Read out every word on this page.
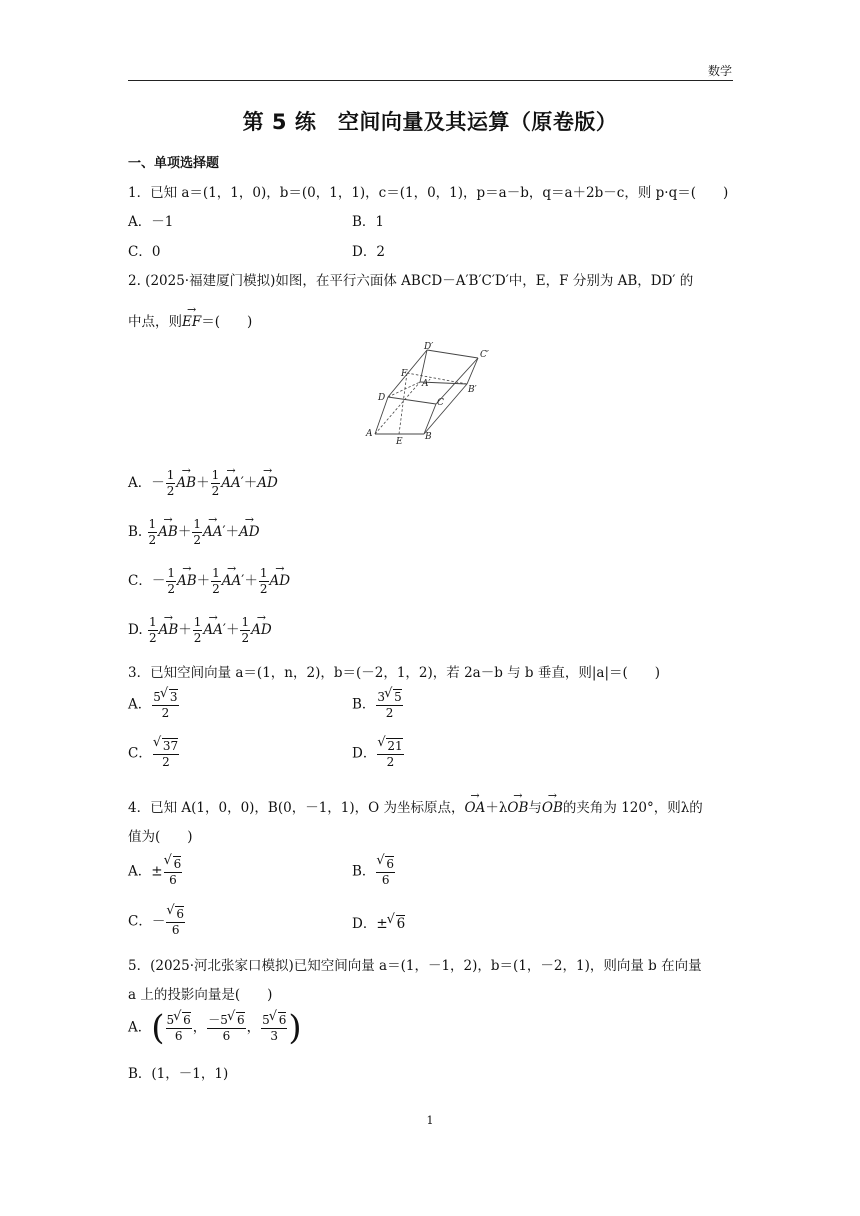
数学
第 5 练　空间向量及其运算（原卷版）
一、单项选择题
1．已知 a＝(1，1，0)，b＝(0，1，1)，c＝(1，0，1)，p＝a－b，q＝a＋2b－c，则 p·q＝(　　)
A．－1	B．1
C．0	D．2
2. (2025·福建厦门模拟)如图，在平行六面体 ABCD－A′B′C′D′中，E，F 分别为 AB，DD′ 的
中点，则→ EF＝(　　)
D′
C′
F
A′
B′
D	C
A
E B
A．－ $\frac{1}{2}$
→ $AB+ \frac{1}{2}$
→ AA′＋→ AD
B. $\frac{1}{2}$
→ $AB+ \frac{1}{2}$
→ AA′＋→ AD
C．－ $\frac{1}{2}$
→ $AB+ \frac{1}{2}$
→ $AA'+ \frac{1}{2}$
→ AD
D. $\frac{1}{2}$
→ $AB+ \frac{1}{2}$
→ $AA'+ \frac{1}{2}$
→ AD
3．已知空间向量 a＝(1，n，2)，b＝(－2，1，2)，若 2a－b 与 b 垂直，则|a|＝(　　)
A． $\frac{5√ 3}{2}$	B． $\frac{3√ 5}{2}$
C．
√ $\frac{37}{2}$	D．
√ $\frac{21}{2}$
4．已知 A(1，0，0)，B(0，－1，1)，O 为坐标原点，→ OA＋λ→ OB与→ OB的夹角为 120°，则λ的
值为(　　)
A．±
√ $\frac{6}{6}$	B．
√ $\frac{6}{6}$
C．－
√ $\frac{6}{6}$	D．±√ 6
5．(2025·河北张家口模拟)已知空间向量 a＝(1，－1，2)，b＝(1，－2，1)，则向量 b 在向量
a 上的投影向量是(　　)
A．( $\frac{5√ 6}{6}$ ， $\frac{-5√ 6}{6}$ ， $\frac{5√ 6}{3}$ )
B．(1，－1，1)
1
